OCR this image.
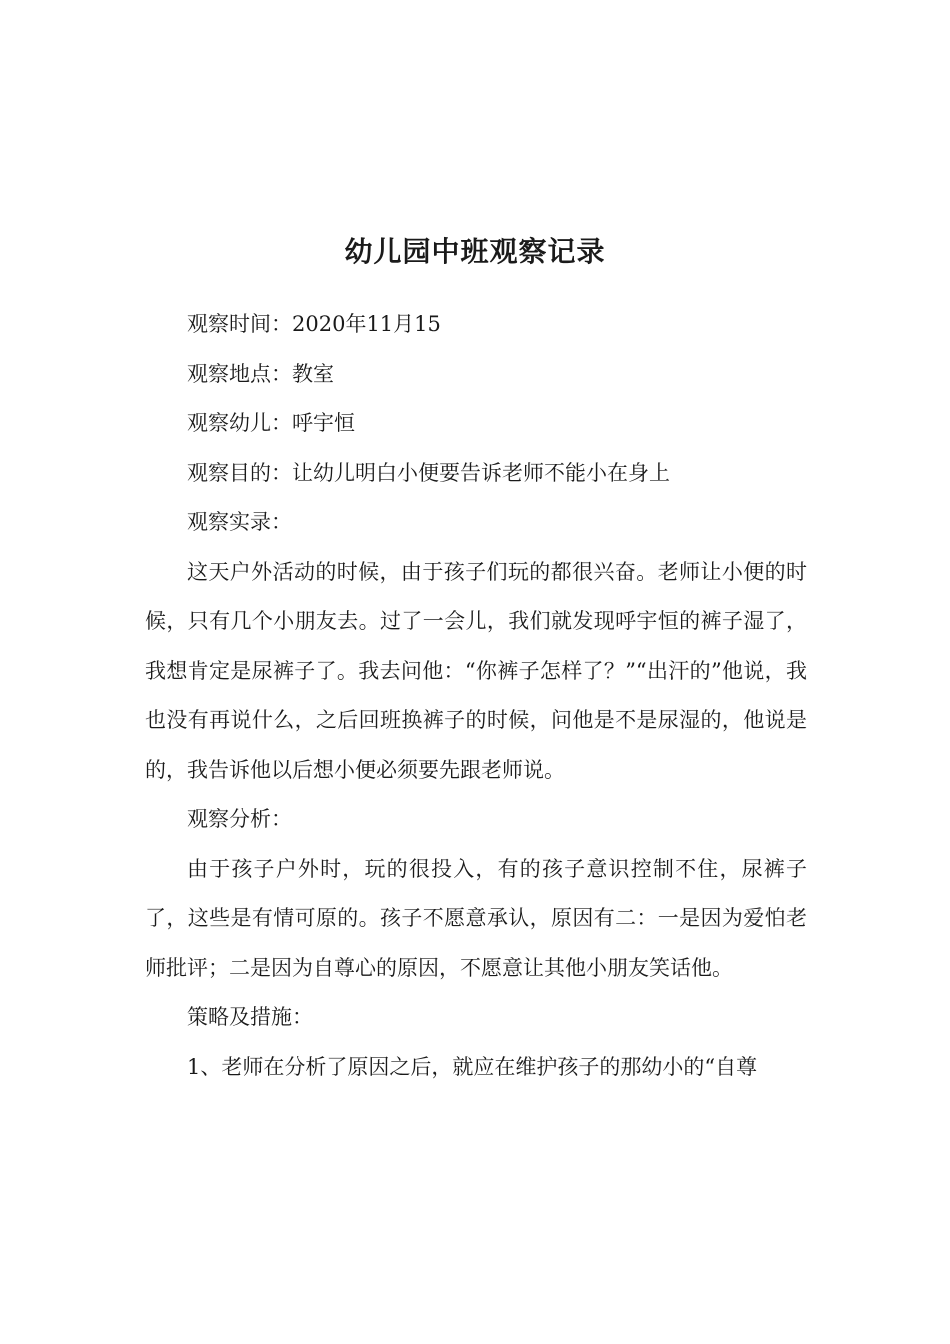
幼儿园中班观察记录

观察时间：2020年11月15

观察地点：教室

观察幼儿：呼宇恒

观察目的：让幼儿明白小便要告诉老师不能小在身上

观察实录：

这天户外活动的时候，由于孩子们玩的都很兴奋。老师让小便的时候，只有几个小朋友去。过了一会儿，我们就发现呼宇恒的裤子湿了，我想肯定是尿裤子了。我去问他：“你裤子怎样了？”“出汗的”他说，我也没有再说什么，之后回班换裤子的时候，问他是不是尿湿的，他说是的，我告诉他以后想小便必须要先跟老师说。

观察分析：

由于孩子户外时，玩的很投入，有的孩子意识控制不住，尿裤子了，这些是有情可原的。孩子不愿意承认，原因有二：一是因为爱怕老师批评；二是因为自尊心的原因，不愿意让其他小朋友笑话他。

策略及措施：

1、老师在分析了原因之后，就应在维护孩子的那幼小的“自尊
